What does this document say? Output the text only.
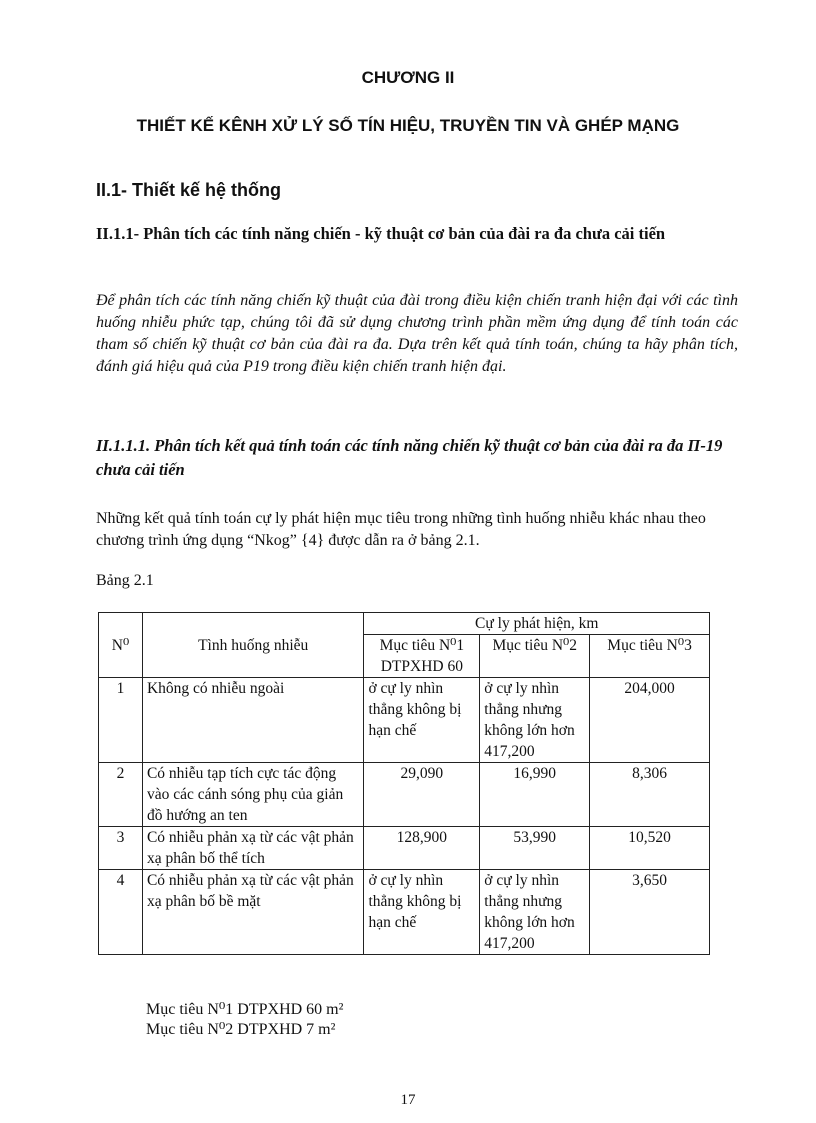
CHƯƠNG II
THIẾT KẾ KÊNH XỬ LÝ SỐ TÍN HIỆU, TRUYỀN TIN VÀ GHÉP MẠNG
II.1- Thiết kế hệ thống
II.1.1- Phân tích các tính năng chiến - kỹ thuật cơ bản của đài ra đa chưa cải tiến
Để phân tích các tính năng chiến kỹ thuật của đài trong điều kiện chiến tranh hiện đại với các tình huống nhiễu phức tạp, chúng tôi đã sử dụng chương trình phần mềm ứng dụng để tính toán các tham số chiến kỹ thuật cơ bản của đài ra đa. Dựa trên kết quả tính toán, chúng ta hãy phân tích, đánh giá hiệu quả của P19 trong điều kiện chiến tranh hiện đại.
II.1.1.1. Phân tích kết quả tính toán các tính năng chiến kỹ thuật cơ bản của đài ra đa П-19 chưa cải tiến
Những kết quả tính toán cự ly phát hiện mục tiêu trong những tình huống nhiễu khác nhau theo chương trình ứng dụng “Nkog” {4} được dẫn ra ở bảng 2.1.
Bảng 2.1
N⁰	Tình huống nhiễu	Cự ly phát hiện, km		
		Mục tiêu N⁰1 DTPXHD 60	Mục tiêu N⁰2	Mục tiêu N⁰3
1	Không có nhiễu ngoài	ở cự ly nhìn thẳng không bị hạn chế	ở cự ly nhìn thẳng nhưng không lớn hơn 417,200	204,000
2	Có nhiễu tạp tích cực tác động vào các cánh sóng phụ của giản đồ hướng an ten	29,090	16,990	8,306
3	Có nhiễu phản xạ từ các vật phản xạ phân bố thể tích	128,900	53,990	10,520
4	Có nhiễu phản xạ từ các vật phản xạ phân bố bề mặt	ở cự ly nhìn thẳng không bị hạn chế	ở cự ly nhìn thẳng nhưng không lớn hơn 417,200	3,650
Mục tiêu N⁰1 DTPXHD 60 m²
Mục tiêu N⁰2 DTPXHD 7 m²
17
